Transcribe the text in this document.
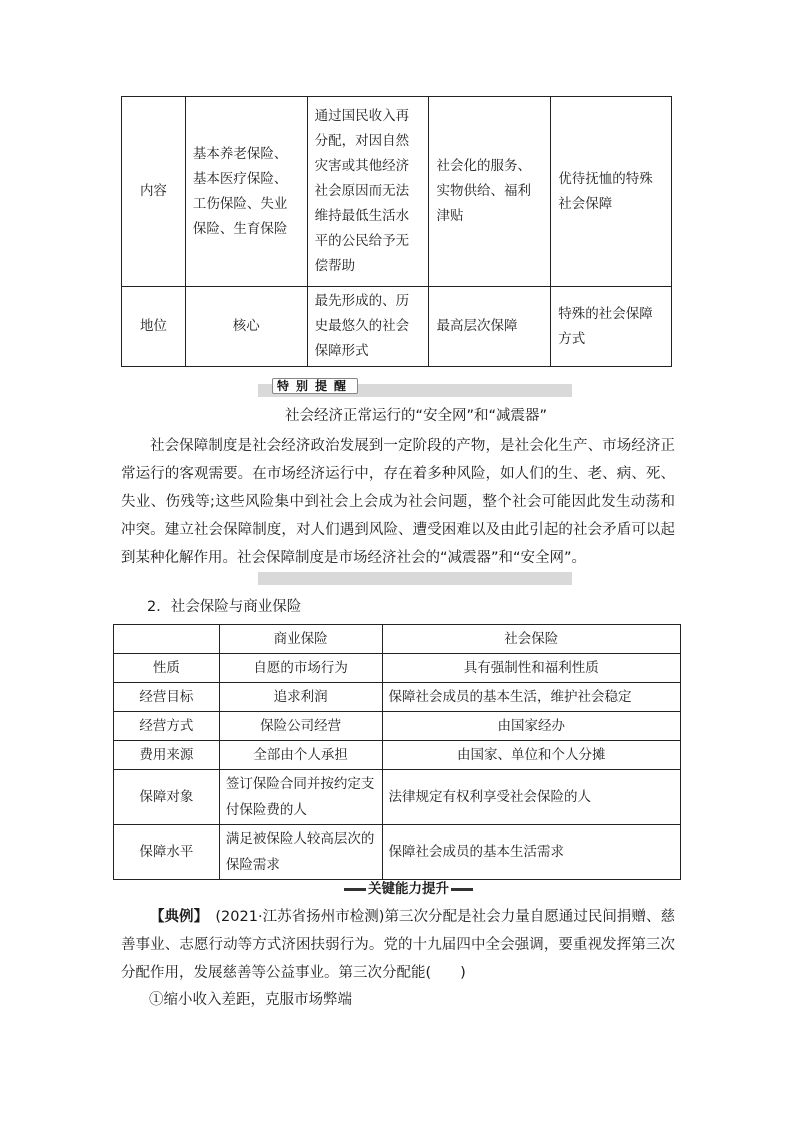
内容	基本养老保险、基本医疗保险、工伤保险、失业保险、生育保险	通过国民收入再分配，对因自然灾害或其他经济社会原因而无法维持最低生活水平的公民给予无偿帮助	社会化的服务、实物供给、福利津贴	优待抚恤的特殊社会保障
地位	核心	最先形成的、历史最悠久的社会保障形式	最高层次保障	特殊的社会保障方式
特别提醒
社会经济正常运行的“安全网”和“减震器”
社会保障制度是社会经济政治发展到一定阶段的产物，是社会化生产、市场经济正常运行的客观需要。在市场经济运行中，存在着多种风险，如人们的生、老、病、死、失业、伤残等;这些风险集中到社会上会成为社会问题，整个社会可能因此发生动荡和冲突。建立社会保障制度，对人们遇到风险、遭受困难以及由此引起的社会矛盾可以起到某种化解作用。社会保障制度是市场经济社会的“减震器”和“安全网”。
2．社会保险与商业保险
	商业保险	社会保险
性质	自愿的市场行为	具有强制性和福利性质
经营目标	追求利润	保障社会成员的基本生活，维护社会稳定
经营方式	保险公司经营	由国家经办
费用来源	全部由个人承担	由国家、单位和个人分摊
保障对象	签订保险合同并按约定支付保险费的人	法律规定有权利享受社会保险的人
保障水平	满足被保险人较高层次的保险需求	保障社会成员的基本生活需求
关键能力提升
【典例】　(2021·江苏省扬州市检测)第三次分配是社会力量自愿通过民间捐赠、慈善事业、志愿行动等方式济困扶弱行为。党的十九届四中全会强调，要重视发挥第三次分配作用，发展慈善等公益事业。第三次分配能(　　)
①缩小收入差距，克服市场弊端
